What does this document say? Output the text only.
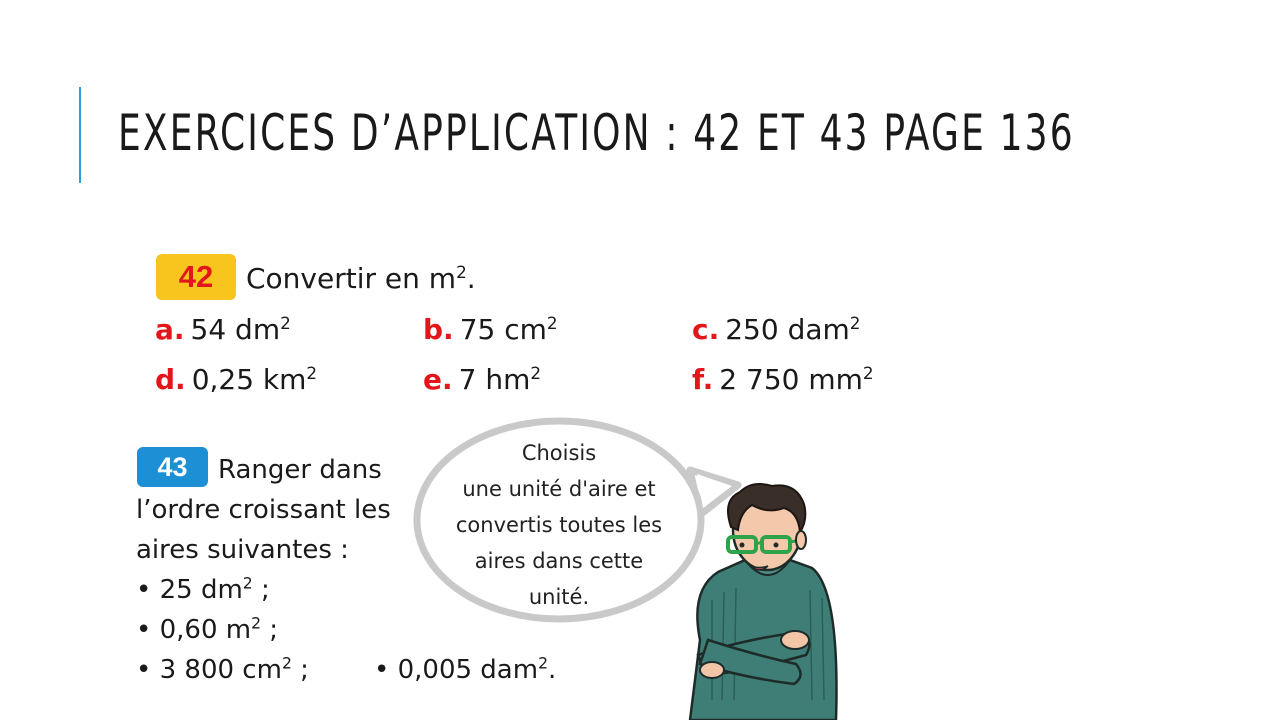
EXERCICES D’APPLICATION : 42 ET 43 PAGE 136
42	Convertir en $m^2$.
a. 54 $dm^2$	b. 75 $cm^2$	c. 250 dam$^2$
d. 0,25 $km^2$	e. 7 $hm^2$	f. 2 750 $mm^2$
43	Ranger dans
l’ordre croissant les
aires suivantes :
• 25 $dm^2$ ;
• 0,60 $m^2$ ;
• 3 800 $cm^2$ ;	• 0,005 dam$^2$.
Choisis
une unité d'aire et
convertis toutes les
aires dans cette
unité.
